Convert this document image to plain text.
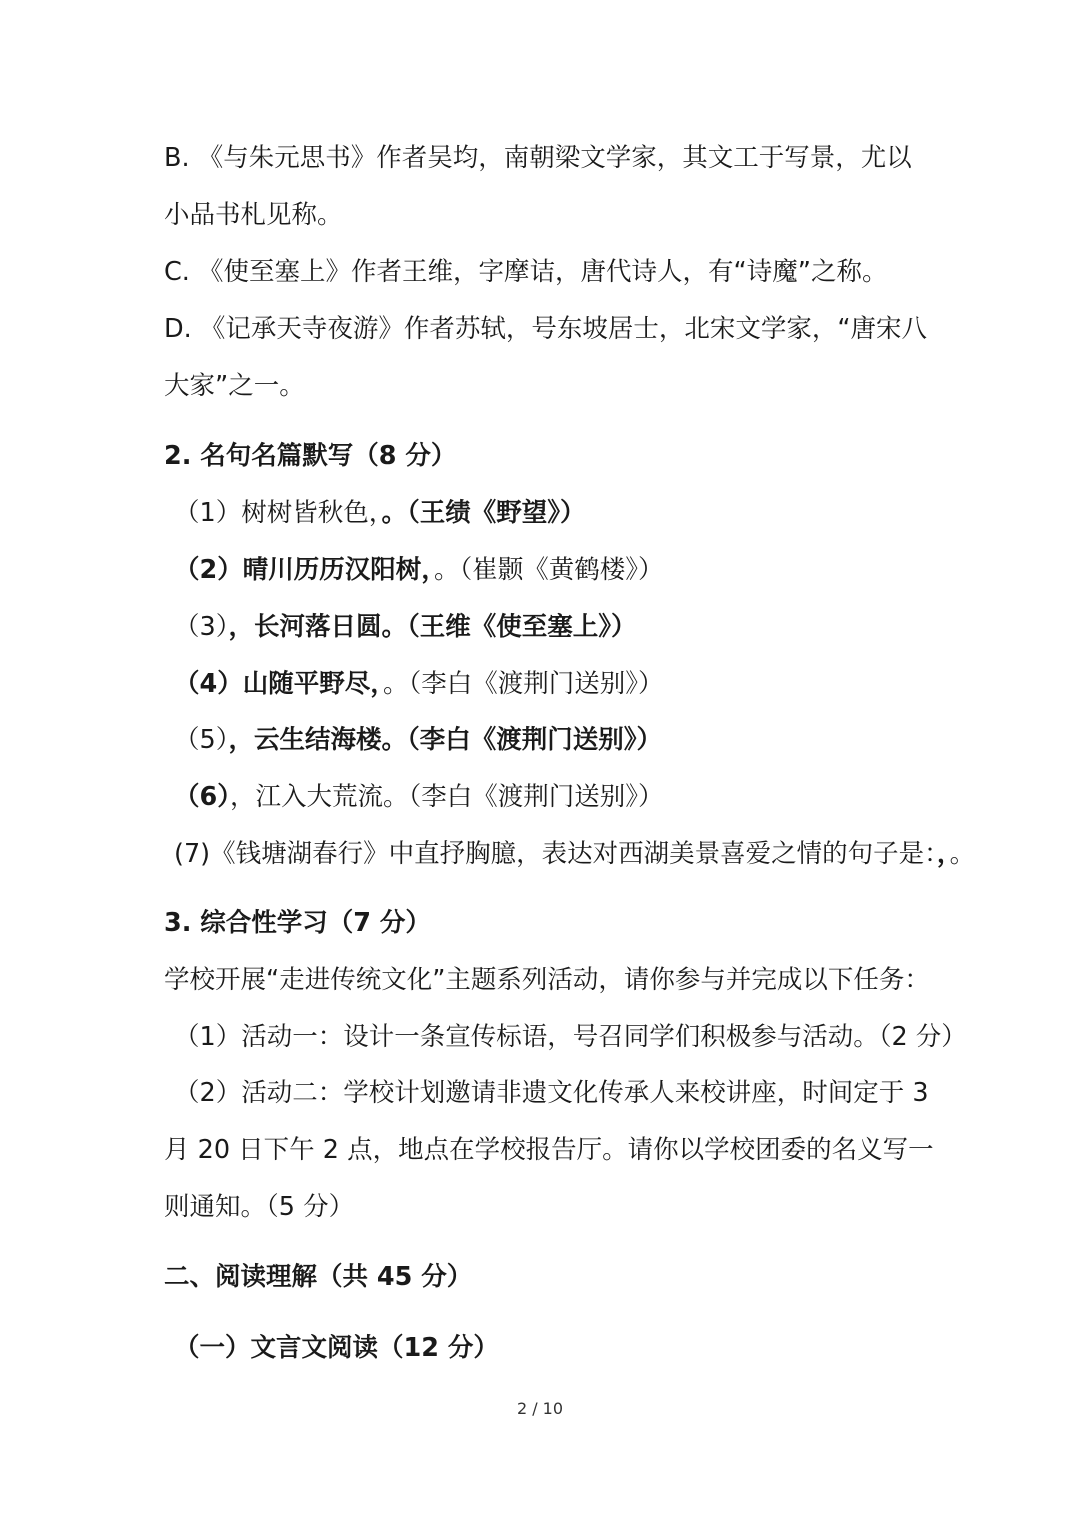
B. 《与朱元思书》作者吴均，南朝梁文学家，其文工于写景，尤以
小品书札见称。
C. 《使至塞上》作者王维，字摩诘，唐代诗人，有“诗魔”之称。
D. 《记承天寺夜游》作者苏轼，号东坡居士，北宋文学家，“唐宋八
大家”之一。
2. 名句名篇默写（8 分）
（1）树树皆秋色，。（王绩《野望》）
（2）晴川历历汉阳树，。（崔颢《黄鹤楼》）
（3），长河落日圆。（王维《使至塞上》）
（4）山随平野尽，。（李白《渡荆门送别》）
（5），云生结海楼。（李白《渡荆门送别》）
（6），江入大荒流。（李白《渡荆门送别》）
(7)《钱塘湖春行》中直抒胸臆，表达对西湖美景喜爱之情的句子是：，。
3. 综合性学习（7 分）
学校开展“走进传统文化”主题系列活动，请你参与并完成以下任务：
（1）活动一：设计一条宣传标语，号召同学们积极参与活动。（2 分）
（2）活动二：学校计划邀请非遗文化传承人来校讲座，时间定于 3
月 20 日下午 2 点，地点在学校报告厅。请你以学校团委的名义写一
则通知。（5 分）
二、阅读理解（共 45 分）
（一）文言文阅读（12 分）
2 / 10
